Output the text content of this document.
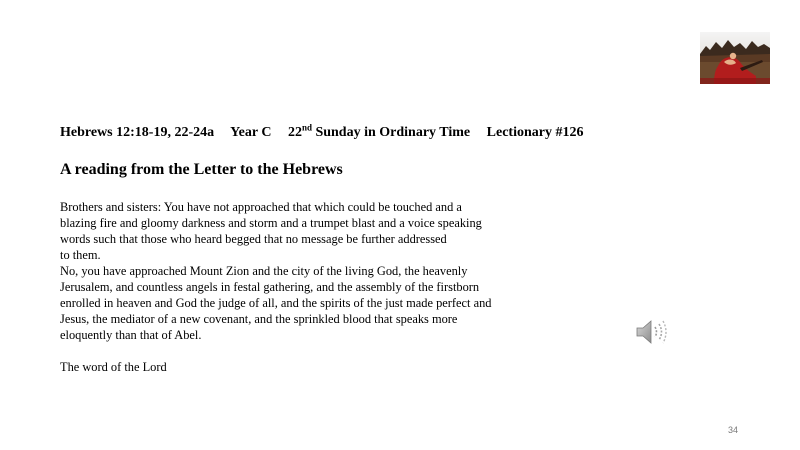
Hebrews 12:18-19, 22-24a Year C 22nd Sunday in Ordinary Time Lectionary #126
A reading from the Letter to the Hebrews
Brothers and sisters: You have not approached that which could be touched and a
blazing fire and gloomy darkness and storm and a trumpet blast and a voice speaking
words such that those who heard begged that no message be further addressed
to them.
No, you have approached Mount Zion and the city of the living God, the heavenly
Jerusalem, and countless angels in festal gathering, and the assembly of the firstborn
enrolled in heaven and God the judge of all, and the spirits of the just made perfect and
Jesus, the mediator of a new covenant, and the sprinkled blood that speaks more
eloquently than that of Abel.
The word of the Lord
34
